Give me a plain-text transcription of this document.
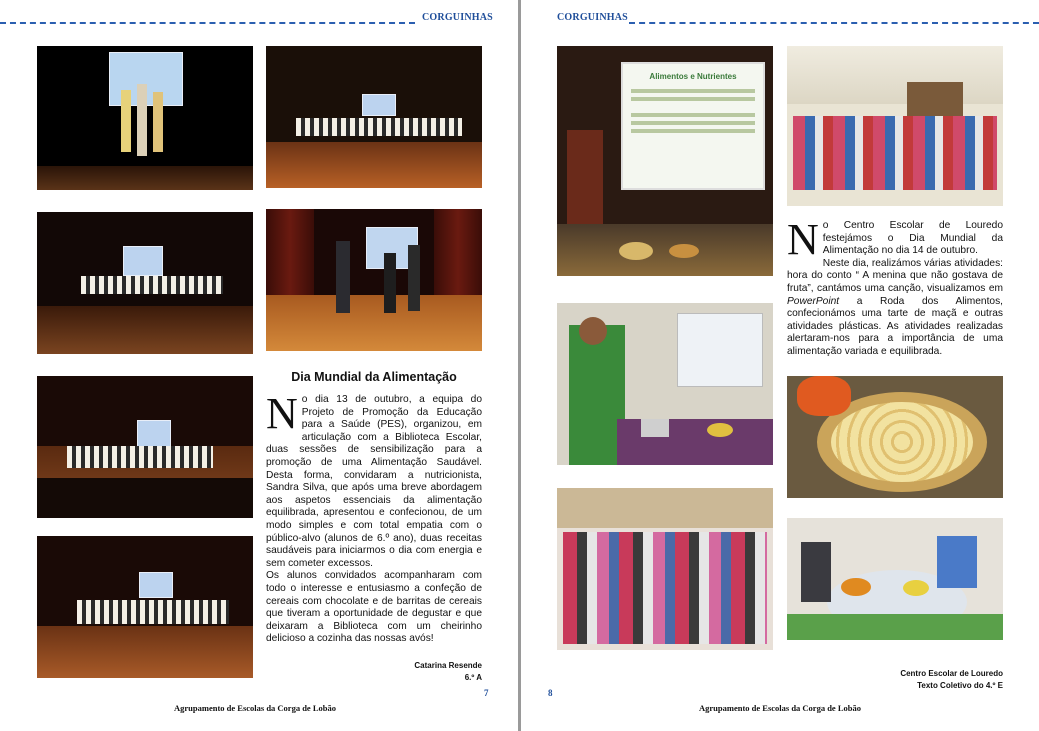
CORGUINHAS
Dia Mundial da Alimentação
No dia 13 de outubro, a equipa do Projeto de Promoção da Educação para a Saúde (PES), organizou, em articulação com a Biblioteca Escolar, duas sessões de sensibilização para a promoção de uma Alimentação Saudável. Desta forma, convidaram a nutricionista, Sandra Silva, que após uma breve abordagem aos aspetos essenciais da alimentação equilibrada, apresentou e confecionou, de um modo simples e com total empatia com o público-alvo (alunos de 6.º ano), duas receitas saudáveis para iniciarmos o dia com energia e sem cometer excessos.
Os alunos convidados acompanharam com todo o interesse e entusiasmo a confeção de cereais com chocolate e de barritas de cereais que tiveram a oportunidade de degustar e que deixaram a Biblioteca com um cheirinho delicioso a cozinha das nossas avós!
Catarina Resende
6.º A
7
Agrupamento de Escolas da Corga de Lobão
CORGUINHAS
Alimentos e Nutrientes
No Centro Escolar de Louredo festejámos o Dia Mundial da Alimentação no dia 14 de outubro.
Neste dia, realizámos várias atividades: hora do conto “ A menina que não gostava de fruta”, cantámos uma canção, visualizamos em PowerPoint a Roda dos Alimentos, confecionámos uma tarte de maçã e outras atividades plásticas. As atividades realizadas alertaram-nos para a importância de uma alimentação variada e equilibrada.
Centro Escolar de Louredo
Texto Coletivo do 4.º E
8
Agrupamento de Escolas da Corga de Lobão
